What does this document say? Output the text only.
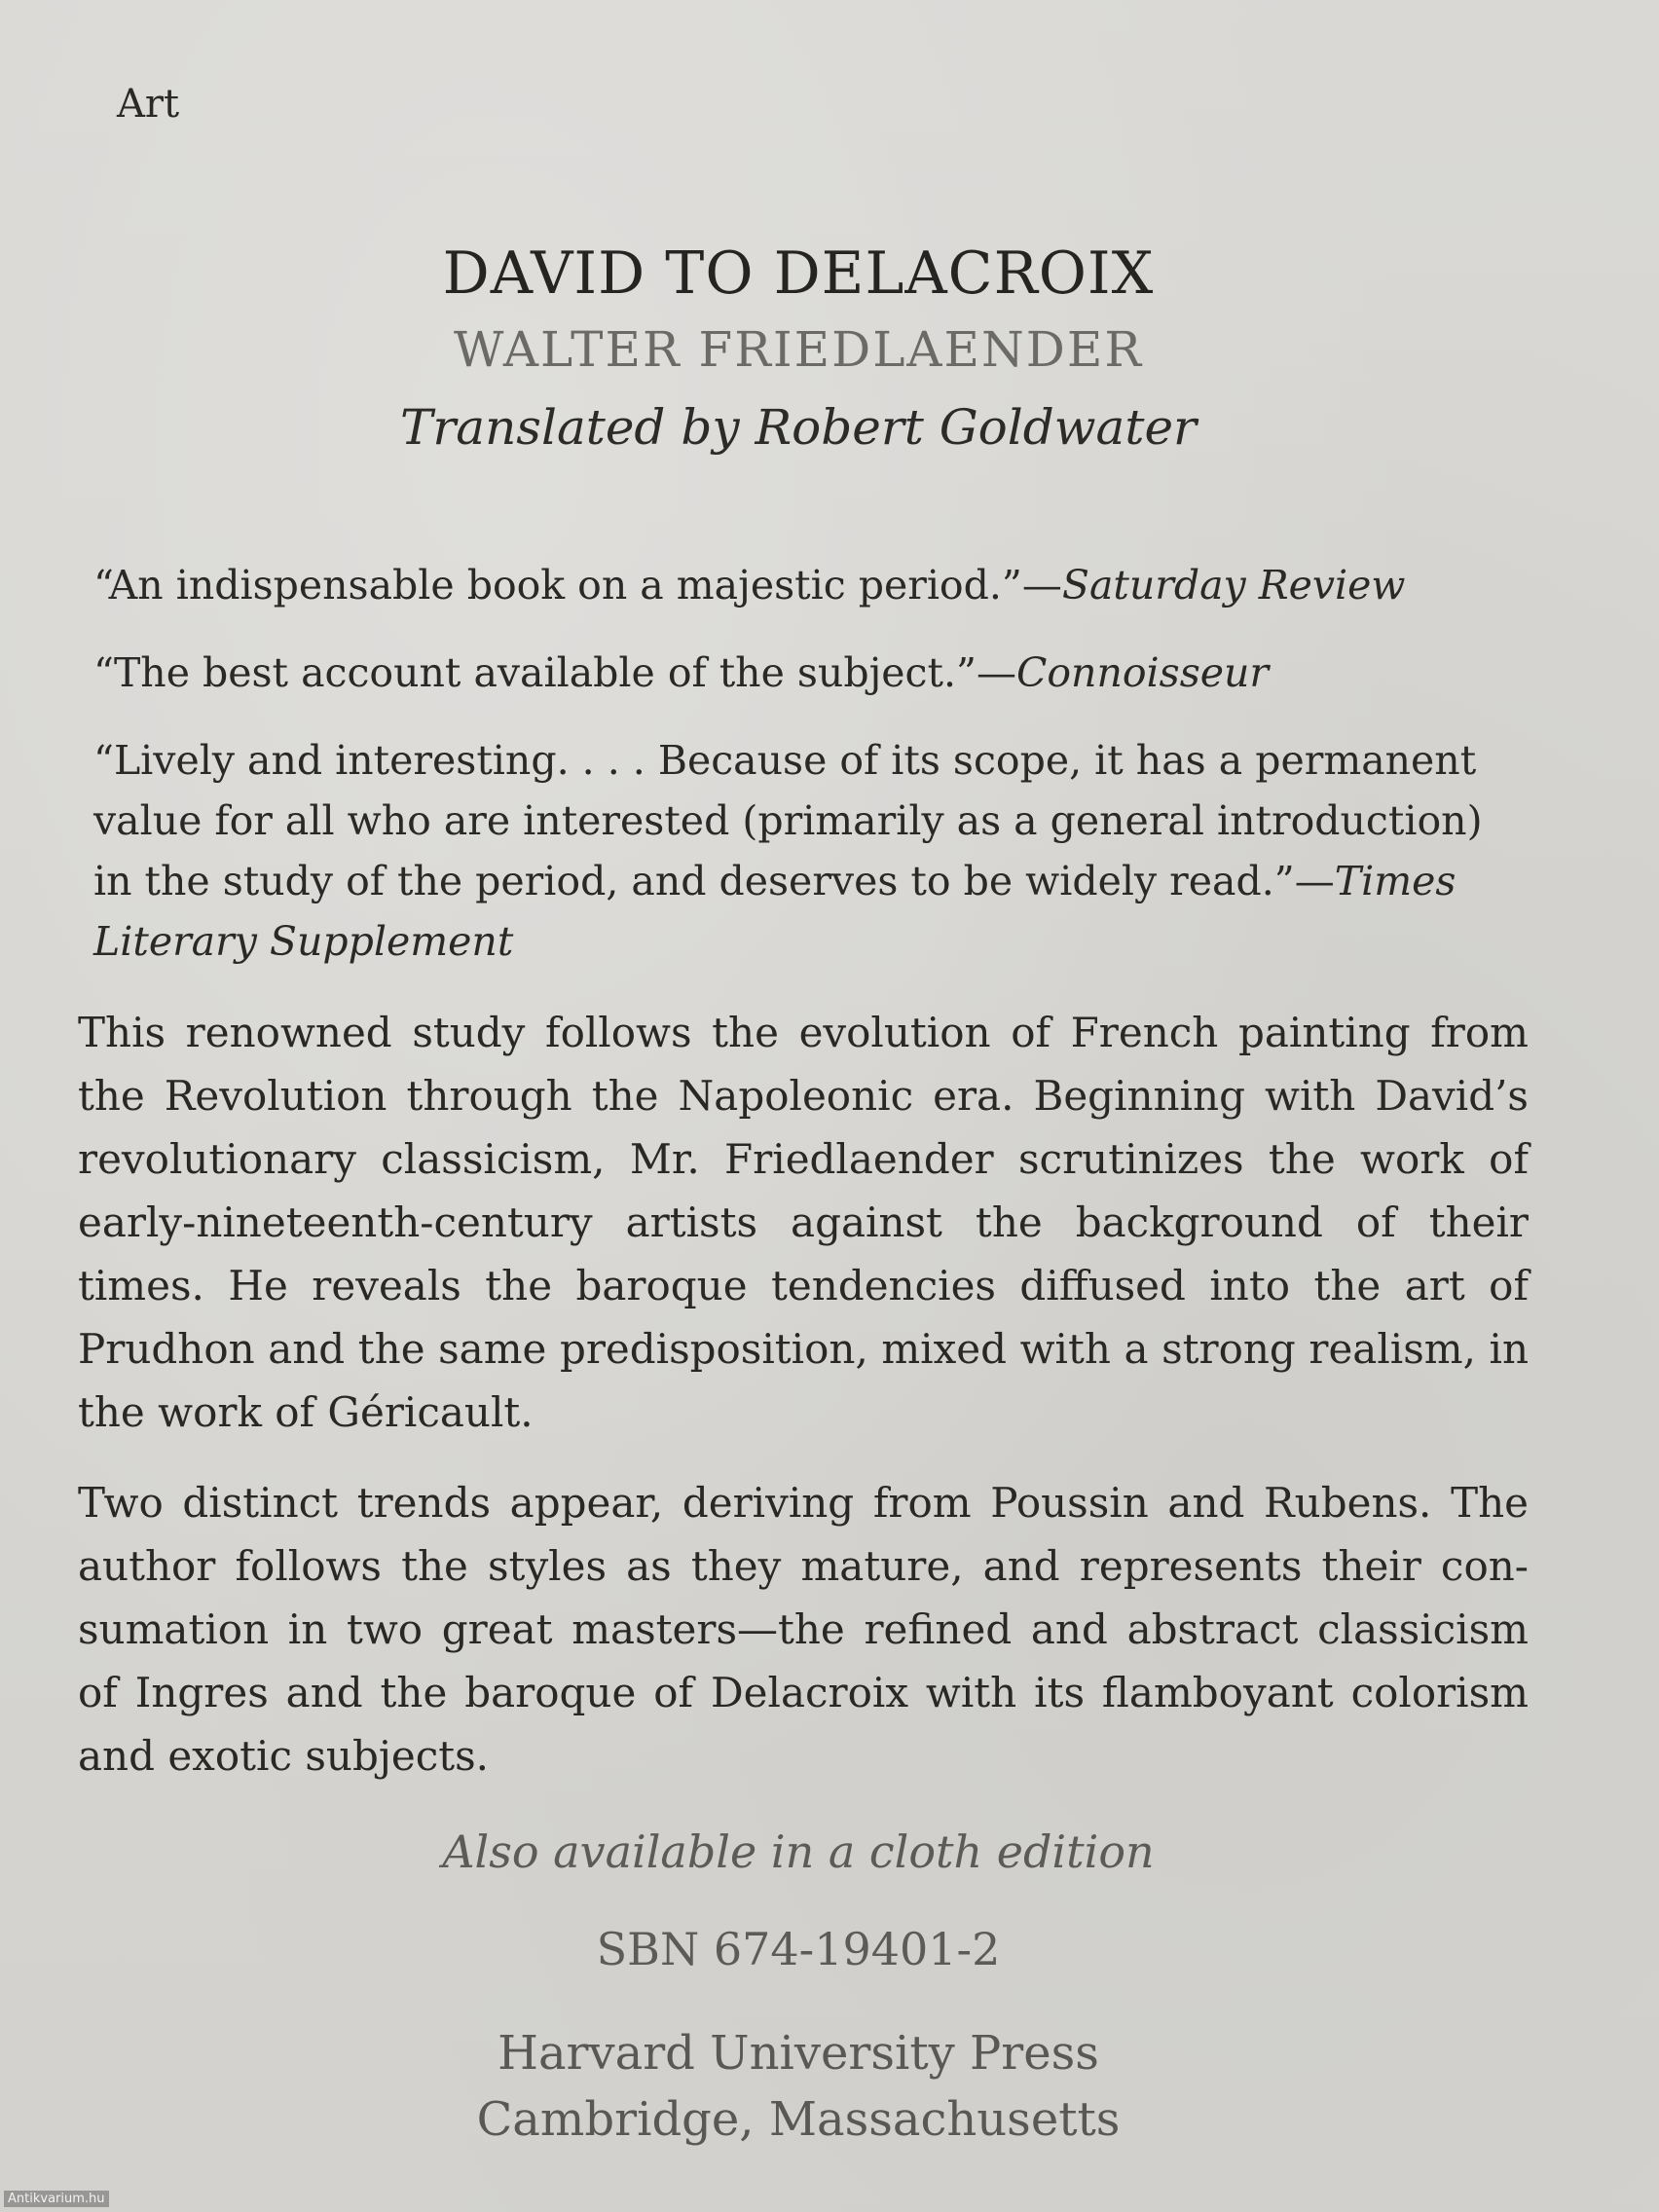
Art
DAVID TO DELACROIX
WALTER FRIEDLAENDER
Translated by Robert Goldwater

“An indispensable book on a majestic period.”—Saturday Review

“The best account available of the subject.”—Connoisseur

“Lively and interesting. . . . Because of its scope, it has a permanent value for all who are interested (primarily as a general introduction) in the study of the period, and deserves to be widely read.”—Times Literary Supplement

This renowned study follows the evolution of French painting from the Revolution through the Napoleonic era. Beginning with David’s revolutionary classicism, Mr. Friedlaender scrutinizes the work of early-nineteenth-century artists against the background of their times. He reveals the baroque tendencies diffused into the art of Prudhon and the same predisposition, mixed with a strong realism, in the work of Géricault.

Two distinct trends appear, deriving from Poussin and Rubens. The author follows the styles as they mature, and represents their con-sumation in two great masters—the refined and abstract classicism of Ingres and the baroque of Delacroix with its flamboyant colorism and exotic subjects.

Also available in a cloth edition
SBN 674-19401-2
Harvard University Press
Cambridge, Massachusetts
Antikvarium.hu
